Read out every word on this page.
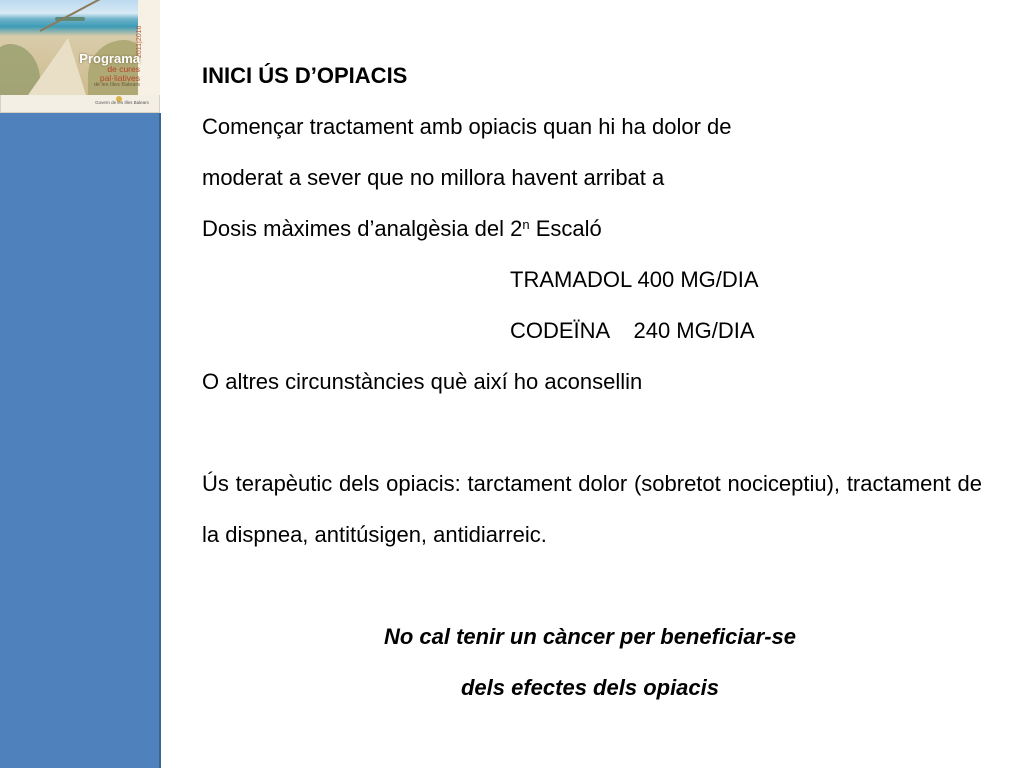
2011|2016
Programa
de cures pal·liatives
de les Illes Balears
Govern de les Illes Balears
INICI ÚS D’OPIACIS
Començar tractament amb opiacis quan hi ha dolor de
moderat a sever que no millora havent arribat a
Dosis màximes d’analgèsia del 2$^n$ Escaló
TRAMADOL 400 MG/DIA
CODEÏNA    240 MG/DIA
O altres circunstàncies què així ho aconsellin
Ús terapèutic dels opiacis: tarctament dolor (sobretot nociceptiu), tractament de la dispnea, antitúsigen, antidiarreic.
No cal tenir un càncer per beneficiar-se
dels efectes dels opiacis
